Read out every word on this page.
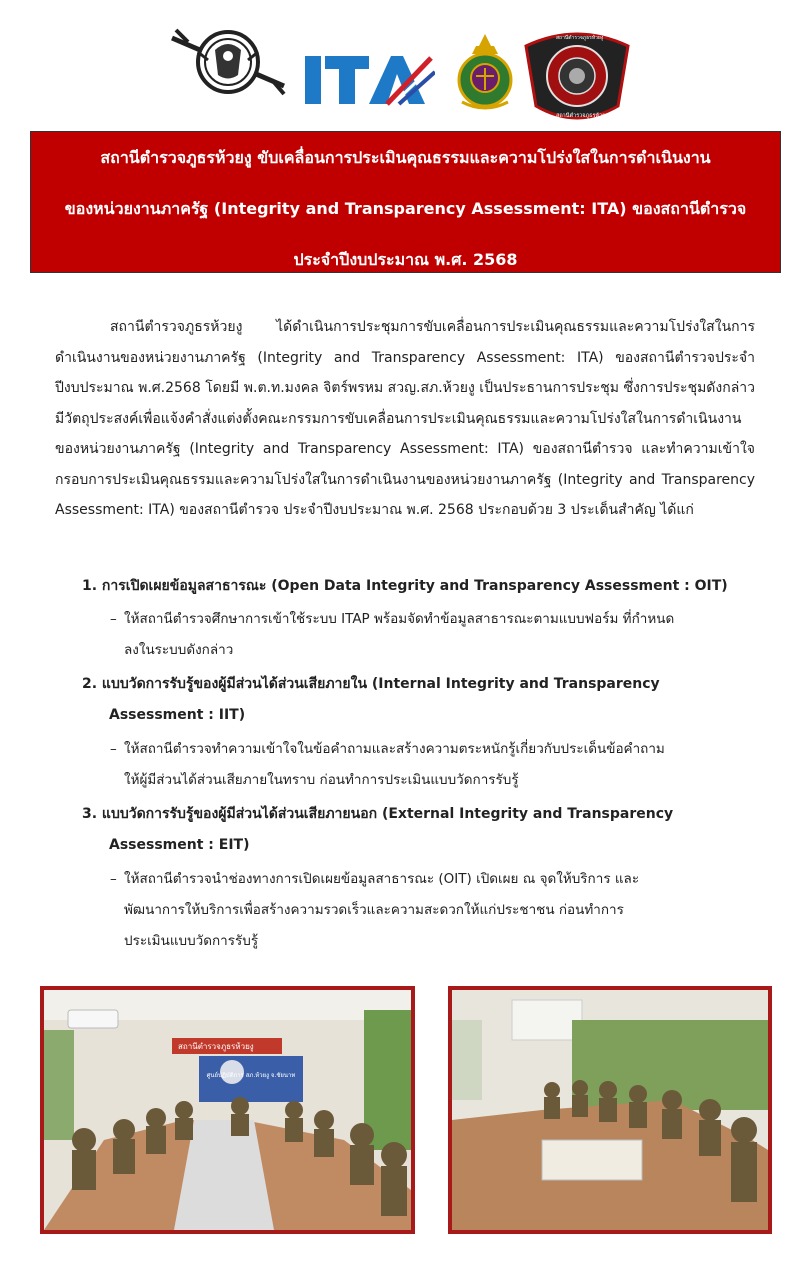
สถานีตำรวจภูธรห้วยงู
สถานีตำรวจภูธรห้วยงู
สถานีตำรวจภูธรห้วยงู ขับเคลื่อนการประเมินคุณธรรมและความโปร่งใสในการดำเนินงาน
ของหน่วยงานภาครัฐ (Integrity and Transparency Assessment: ITA) ของสถานีตำรวจ
ประจำปีงบประมาณ พ.ศ. 2568

สถานีตำรวจภูธรห้วยงู ได้ดำเนินการประชุมการขับเคลื่อนการประเมินคุณธรรมและความโปร่งใสในการดำเนินงานของหน่วยงานภาครัฐ (Integrity and Transparency Assessment: ITA) ของสถานีตำรวจประจำปีงบประมาณ พ.ศ.2568 โดยมี พ.ต.ท.มงคล จิตร์พรหม สวญ.สภ.ห้วยงู เป็นประธานการประชุม ซึ่งการประชุมดังกล่าวมีวัตถุประสงค์เพื่อแจ้งคำสั่งแต่งตั้งคณะกรรมการขับเคลื่อนการประเมินคุณธรรมและความโปร่งใสในการดำเนินงานของหน่วยงานภาครัฐ (Integrity and Transparency Assessment: ITA) ของสถานีตำรวจ และทำความเข้าใจ กรอบการประเมินคุณธรรมและความโปร่งใสในการดำเนินงานของหน่วยงานภาครัฐ (Integrity and Transparency Assessment: ITA) ของสถานีตำรวจ ประจำปีงบประมาณ พ.ศ. 2568 ประกอบด้วย 3 ประเด็นสำคัญ ได้แก่

1. การเปิดเผยข้อมูลสาธารณะ (Open Data Integrity and Transparency Assessment : OIT)
– ให้สถานีตำรวจศึกษาการเข้าใช้ระบบ ITAP พร้อมจัดทำข้อมูลสาธารณะตามแบบฟอร์ม ที่กำหนด
ลงในระบบดังกล่าว
2. แบบวัดการรับรู้ของผู้มีส่วนได้ส่วนเสียภายใน (Internal Integrity and Transparency
Assessment : IIT)
– ให้สถานีตำรวจทำความเข้าใจในข้อคำถามและสร้างความตระหนักรู้เกี่ยวกับประเด็นข้อคำถาม
ให้ผู้มีส่วนได้ส่วนเสียภายในทราบ ก่อนทำการประเมินแบบวัดการรับรู้
3. แบบวัดการรับรู้ของผู้มีส่วนได้ส่วนเสียภายนอก (External Integrity and Transparency
Assessment : EIT)
– ให้สถานีตำรวจนำช่องทางการเปิดเผยข้อมูลสาธารณะ (OIT) เปิดเผย ณ จุดให้บริการ และ
พัฒนาการให้บริการเพื่อสร้างความรวดเร็วและความสะดวกให้แก่ประชาชน ก่อนทำการ
ประเมินแบบวัดการรับรู้
สถานีตำรวจภูธรห้วยงู
ศูนย์ปฏิบัติการ สภ.ห้วยงู จ.ชัยนาท
